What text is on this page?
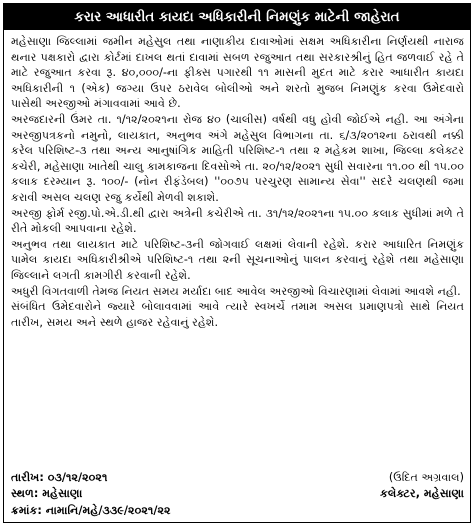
કરાર આધારીત કાયદા અધિકારીની નિમણુંક માટેની જાહેરાત
મહેસાણા જિલ્લામાં જમીન મહેસુલ તથા નાણાકીય દાવાઓમાં સક્ષમ અધિકારીના નિર્ણયથી નારાજ થનાર પક્ષકારો દ્વારા કોર્ટમાં દાખલ થતાં દાવામાં સબળ રજુઆત તથા સરકારશ્રીનું હિત જળવાઈ રહે તે માટે રજુઆત કરવા રૂ. ૪૦,૦૦૦/-ના ફીક્સ પગારથી ૧૧ માસની મુદત માટે કરાર આધારીત કાયદા અધિકારીની ૧ (એક) જગ્યા ઉપર ઠરાવેલ બોલીઓ અને શરતો મુજબ નિમણુંક કરવા ઉમેદવારો પાસેથી અરજીઓ મંગાવવામાં આવે છે.
અરજદારની ઉંમર તા. ૧/૧૨/૨૦૨૧ના રોજ ૪૦ (ચાલીસ) વર્ષથી વધુ હોવી જોઈએ નહી. આ અંગેના અરજીપત્રકનો નમુનો, લાયકાત, અનુભવ અંગે મહેસુલ વિભાગના તા. ૬/૩/૨૦૧૨ના ઠરાવથી નક્કી કરેલ પરિશિષ્ટ-૩ તથા અન્ય આનુષાંગિક માહિતી પરિશિષ્ટ-૧ તથા ૨ મહેકમ શાખા, જિલ્લા કલેક્ટર કચેરી, મહેસાણા ખાતેથી ચાલુ કામકાજના દિવસોએ તા. ૨૦/૧૨/૨૦૨૧ સુધી સવારના ૧૧.૦૦ થી ૧૫.૦૦ કલાક દરમ્યાન રૂ. ૧૦૦/- (નોન રીફંડેબલ) ''૦૦૭૫ પરચુરણ સામાન્ય સેવા'' સદરે ચલણથી જમા કરાવી અસલ ચલણ રજુ કર્યેથી મેળવી શકાશે.
અરજી ફોર્મ રજી.પો.એ.ડી.થી દ્વારા અત્રેની કચેરીએ તા. ૩૧/૧૨/૨૦૨૧ના ૧૫.૦૦ કલાક સુધીમાં મળે તે રીતે મોકલી આપવાના રહેશે.
અનુભવ તથા લાયકાત માટે પરિશિષ્ટ-૩ની જોગવાઈ લક્ષમાં લેવાની રહેશે. કરાર આધારિત નિમણુંક પામેલ કાયદા અધિકારીશ્રીએ પરિશિષ્ટ-૧ તથા ૨ની સૂચનાઓનું પાલન કરવાનું રહેશે તથા મહેસાણા જિલ્લાને લગતી કામગીરી કરવાની રહેશે.
અધુરી વિગતવાળી તેમજ નિયત સમય મર્યાદા બાદ આવેલ અરજીઓ વિચારણામાં લેવામાં આવશે નહી.
સંબંધિત ઉમેદવારોને જ્યારે બોલાવવામાં આવે ત્યારે સ્વખર્ચે તમામ અસલ પ્રમાણપત્રો સાથે નિયત તારીખ, સમય અને સ્થળે હાજર રહેવાનું રહેશે.
તારીખ: ૦૩/૧૨/૨૦૨૧	(ઉદિત અગ્રવાલ)
સ્થળ: મહેસાણા	કલેક્ટર, મહેસાણા
ક્રમાંક: નામાનિ/મહે/૩૩૯/૨૦૨૧/૨૨
